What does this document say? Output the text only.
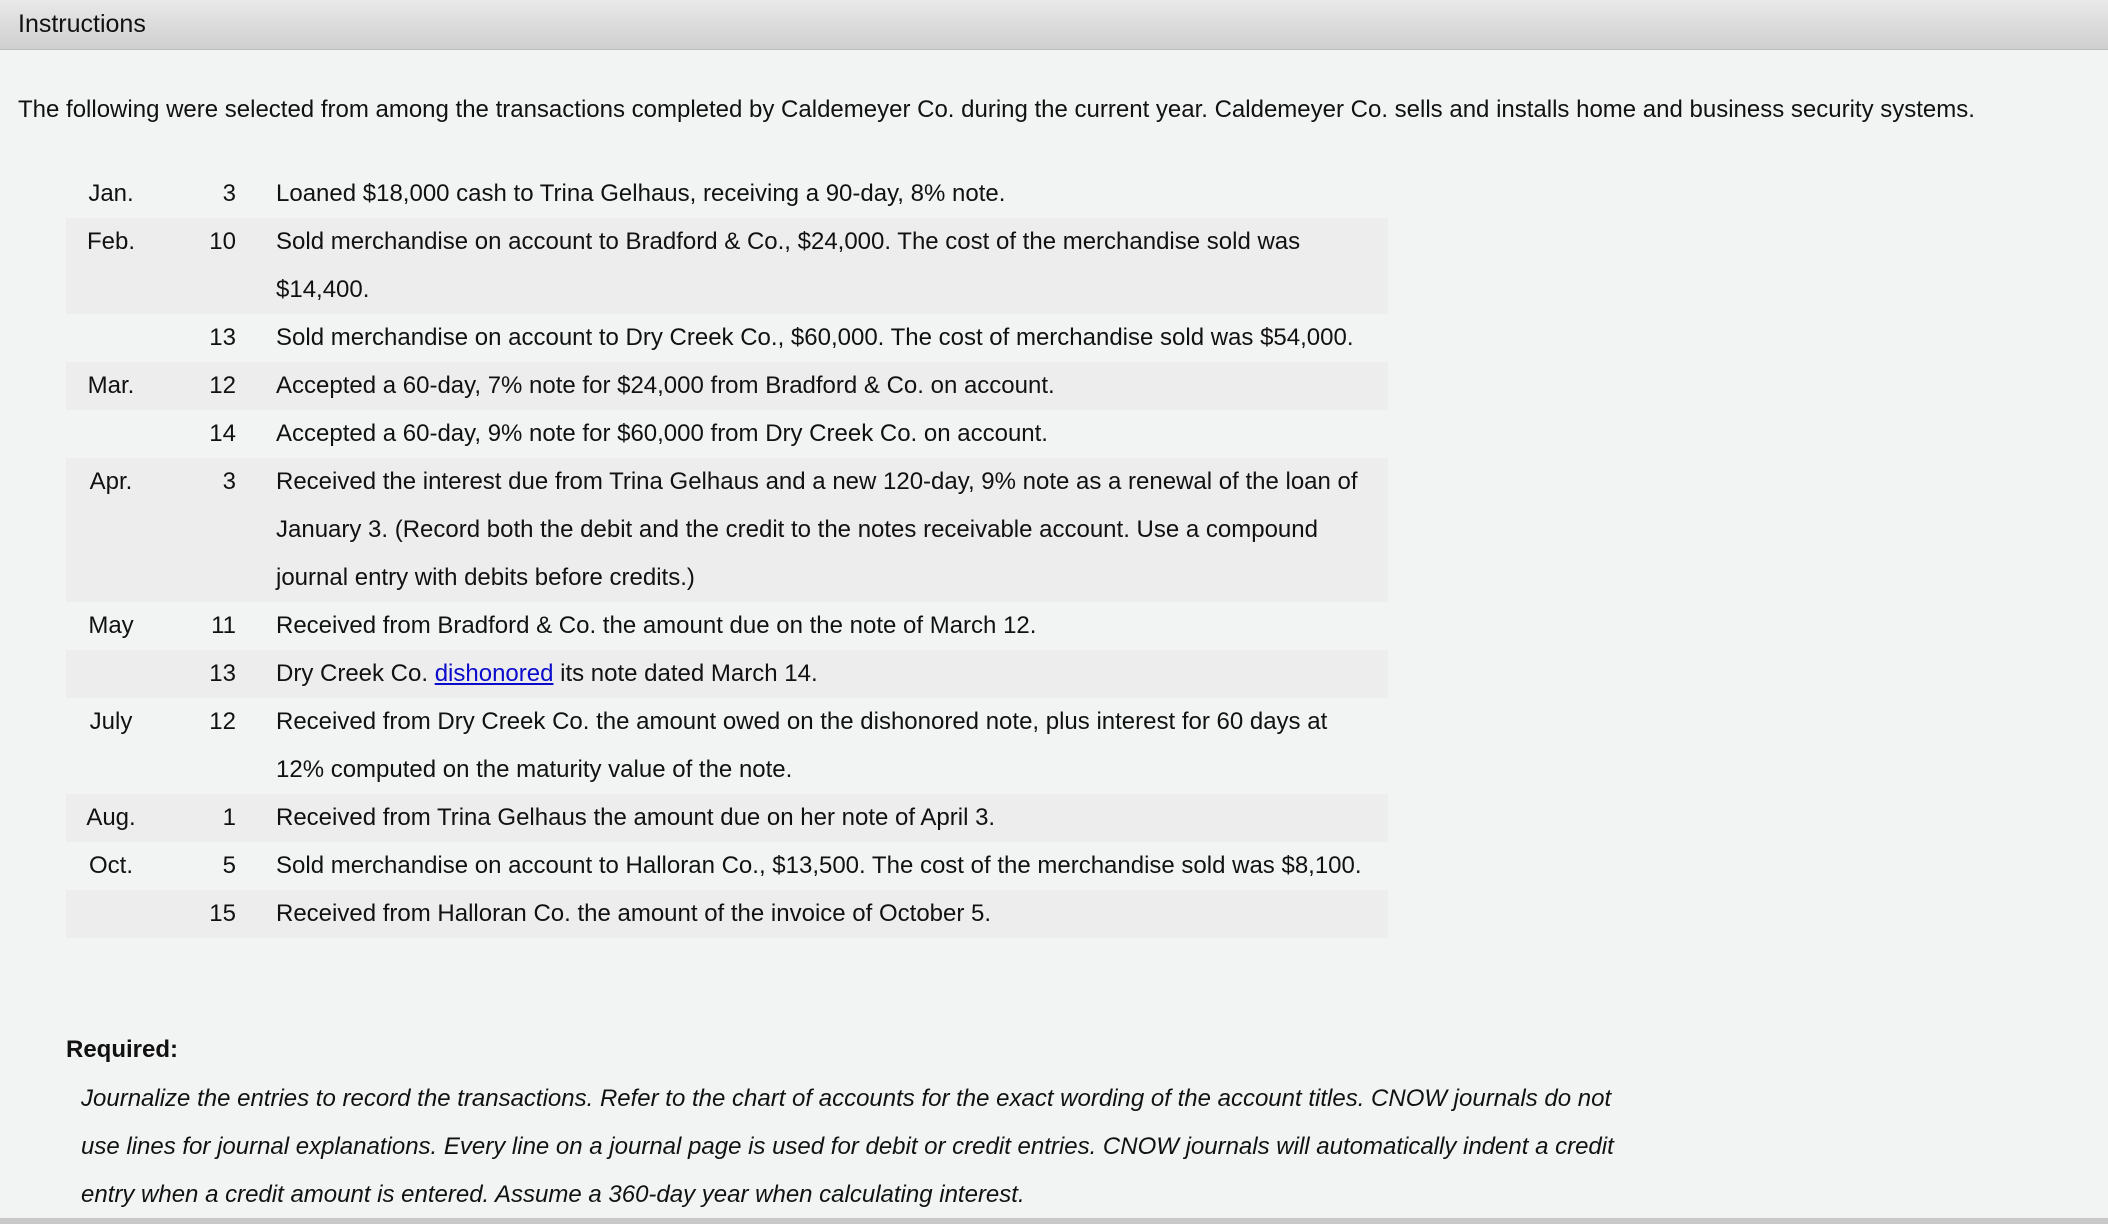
Instructions
The following were selected from among the transactions completed by Caldemeyer Co. during the current year. Caldemeyer Co. sells and installs home and business security systems.
Jan.	3	Loaned $18,000 cash to Trina Gelhaus, receiving a 90-day, 8% note.

Feb.	10	Sold merchandise on account to Bradford & Co., $24,000. The cost of the merchandise sold was
$14,400.

	13	Sold merchandise on account to Dry Creek Co., $60,000. The cost of merchandise sold was $54,000.

Mar.	12	Accepted a 60-day, 7% note for $24,000 from Bradford & Co. on account.

	14	Accepted a 60-day, 9% note for $60,000 from Dry Creek Co. on account.

Apr.	3	Received the interest due from Trina Gelhaus and a new 120-day, 9% note as a renewal of the loan of
January 3. (Record both the debit and the credit to the notes receivable account. Use a compound
journal entry with debits before credits.)

May	11	Received from Bradford & Co. the amount due on the note of March 12.

	13	Dry Creek Co. dishonored its note dated March 14.
July	12	Received from Dry Creek Co. the amount owed on the dishonored note, plus interest for 60 days at
12% computed on the maturity value of the note.

Aug.	1	Received from Trina Gelhaus the amount due on her note of April 3.

Oct.	5	Sold merchandise on account to Halloran Co., $13,500. The cost of the merchandise sold was $8,100.

	15	Received from Halloran Co. the amount of the invoice of October 5.
Required:
Journalize the entries to record the transactions. Refer to the chart of accounts for the exact wording of the account titles. CNOW journals do not
use lines for journal explanations. Every line on a journal page is used for debit or credit entries. CNOW journals will automatically indent a credit
entry when a credit amount is entered. Assume a 360-day year when calculating interest.
